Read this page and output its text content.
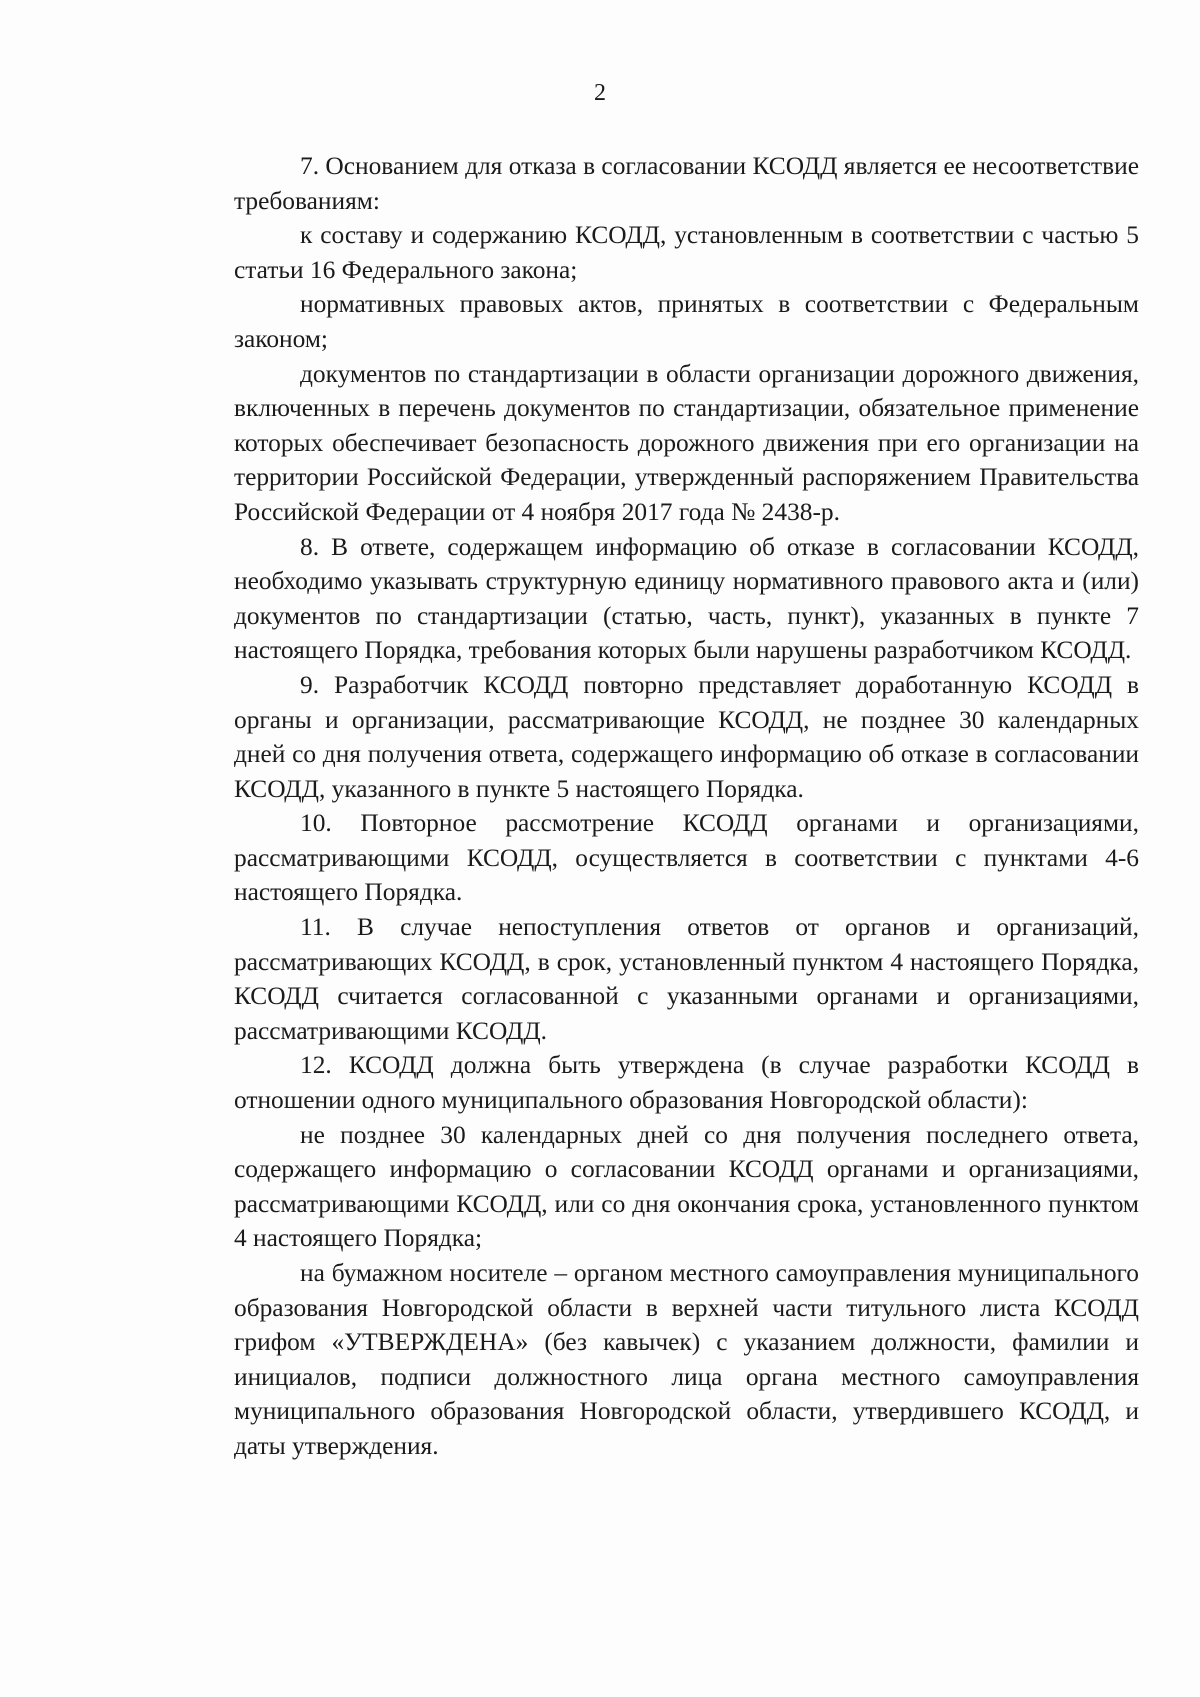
2

7. Основанием для отказа в согласовании КСОДД является ее несоответствие требованиям:

к составу и содержанию КСОДД, установленным в соответствии с частью 5 статьи 16 Федерального закона;

нормативных правовых актов, принятых в соответствии с Федеральным законом;

документов по стандартизации в области организации дорожного движения, включенных в перечень документов по стандартизации, обязательное применение которых обеспечивает безопасность дорожного движения при его организации на территории Российской Федерации, утвержденный распоряжением Правительства Российской Федерации от 4 ноября 2017 года № 2438-р.

8. В ответе, содержащем информацию об отказе в согласовании КСОДД, необходимо указывать структурную единицу нормативного правового акта и (или) документов по стандартизации (статью, часть, пункт), указанных в пункте 7 настоящего Порядка, требования которых были нарушены разработчиком КСОДД.

9. Разработчик КСОДД повторно представляет доработанную КСОДД в органы и организации, рассматривающие КСОДД, не позднее 30 календарных дней со дня получения ответа, содержащего информацию об отказе в согласовании КСОДД, указанного в пункте 5 настоящего Порядка.

10. Повторное рассмотрение КСОДД органами и организациями, рассматривающими КСОДД, осуществляется в соответствии с пунктами 4-6 настоящего Порядка.

11. В случае непоступления ответов от органов и организаций, рассматривающих КСОДД, в срок, установленный пунктом 4 настоящего Порядка, КСОДД считается согласованной с указанными органами и организациями, рассматривающими КСОДД.

12. КСОДД должна быть утверждена (в случае разработки КСОДД в отношении одного муниципального образования Новгородской области):

не позднее 30 календарных дней со дня получения последнего ответа, содержащего информацию о согласовании КСОДД органами и организациями, рассматривающими КСОДД, или со дня окончания срока, установленного пунктом 4 настоящего Порядка;

на бумажном носителе – органом местного самоуправления муниципального образования Новгородской области в верхней части титульного листа КСОДД грифом «УТВЕРЖДЕНА» (без кавычек) с указанием должности, фамилии и инициалов, подписи должностного лица органа местного самоуправления муниципального образования Новгородской области, утвердившего КСОДД, и даты утверждения.
